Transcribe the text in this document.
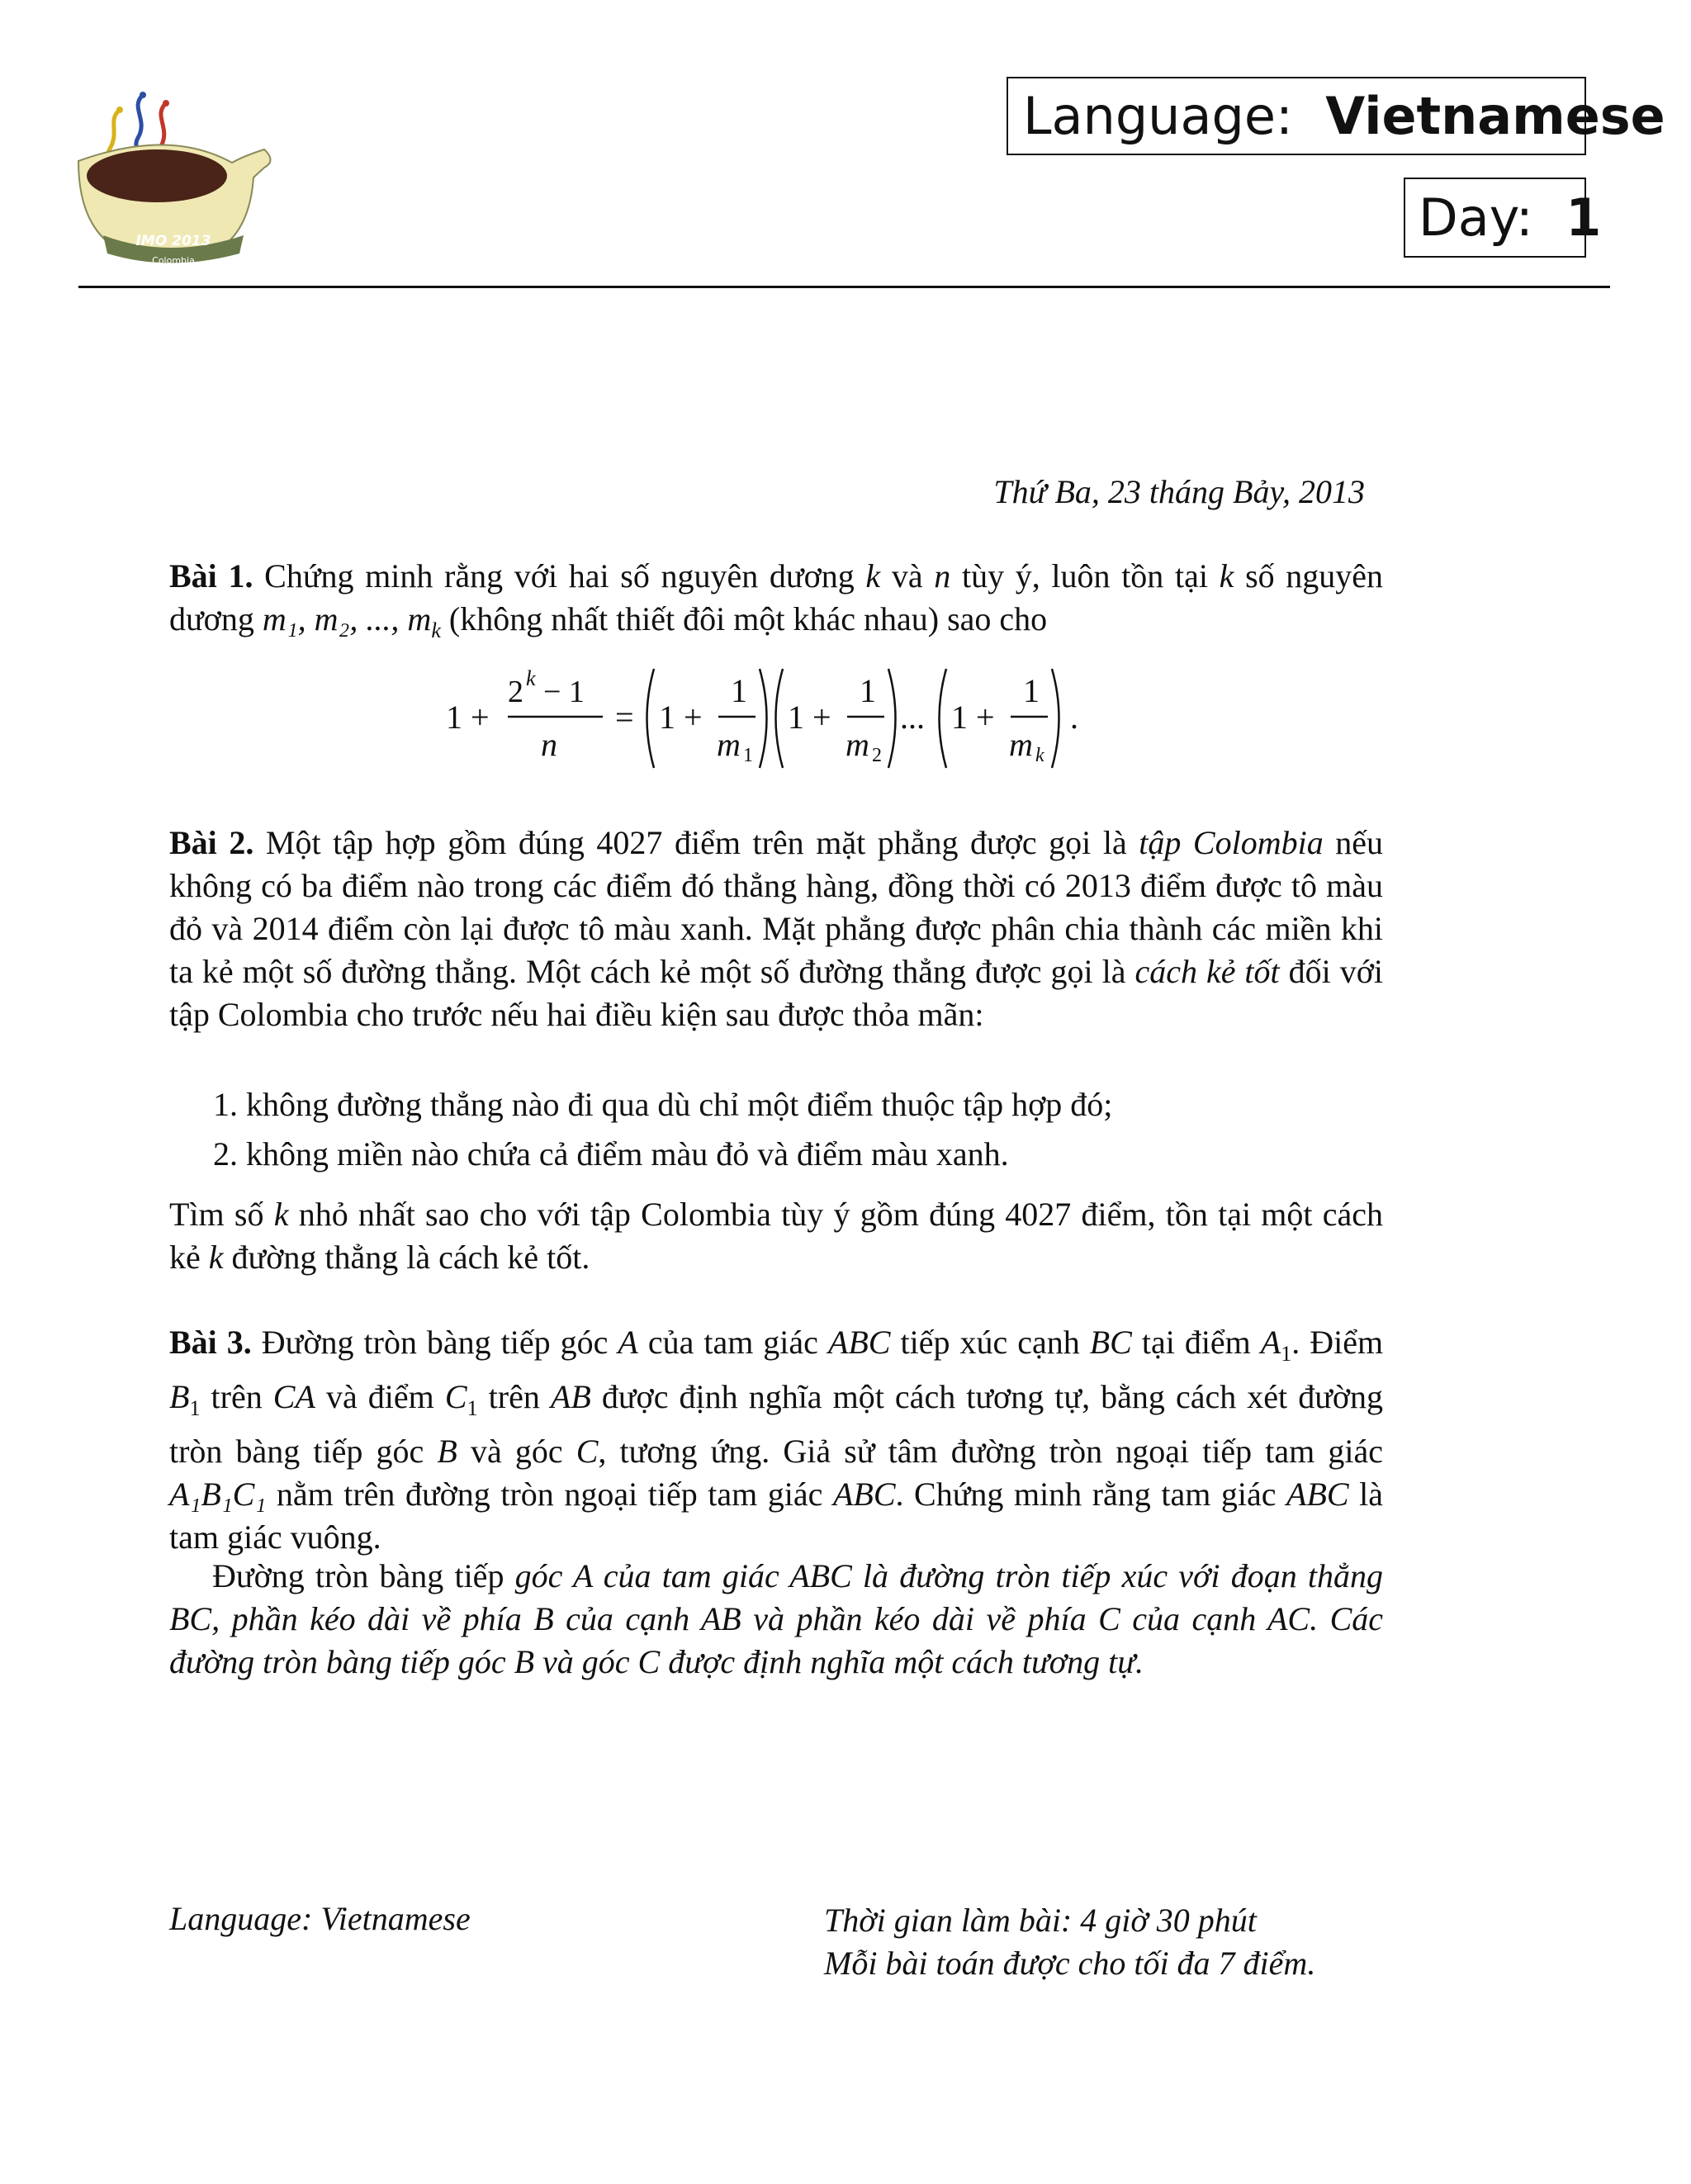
IMO 2013
Colombia
Language:
Vietnamese
Day:
1
Thứ Ba, 23 tháng Bảy, 2013
Bài 1. Chứng minh rằng với hai số nguyên dương k và n tùy ý, luôn tồn tại k số nguyên dương m₁, m₂, ..., $m_k$ (không nhất thiết đôi một khác nhau) sao cho
1 +
2 k − 1
n
= 1 +
1
m 1
1 +
1
m 2
... 1 +
1
m k
.
Bài 2. Một tập hợp gồm đúng 4027 điểm trên mặt phẳng được gọi là tập Colombia nếu không có ba điểm nào trong các điểm đó thẳng hàng, đồng thời có 2013 điểm được tô màu đỏ và 2014 điểm còn lại được tô màu xanh. Mặt phẳng được phân chia thành các miền khi ta kẻ một số đường thẳng. Một cách kẻ một số đường thẳng được gọi là cách kẻ tốt đối với tập Colombia cho trước nếu hai điều kiện sau được thỏa mãn:
1. không đường thẳng nào đi qua dù chỉ một điểm thuộc tập hợp đó;
2. không miền nào chứa cả điểm màu đỏ và điểm màu xanh.
Tìm số k nhỏ nhất sao cho với tập Colombia tùy ý gồm đúng 4027 điểm, tồn tại một cách kẻ k đường thẳng là cách kẻ tốt.
Bài 3. Đường tròn bàng tiếp góc A của tam giác ABC tiếp xúc cạnh BC tại điểm $A_1$. Điểm $B_1$ trên CA và điểm $C_1$ trên AB được định nghĩa một cách tương tự, bằng cách xét đường tròn bàng tiếp góc B và góc C, tương ứng. Giả sử tâm đường tròn ngoại tiếp tam giác A₁B₁C₁ nằm trên đường tròn ngoại tiếp tam giác ABC. Chứng minh rằng tam giác ABC là tam giác vuông.
Đường tròn bàng tiếp góc A của tam giác ABC là đường tròn tiếp xúc với đoạn thẳng BC, phần kéo dài về phía B của cạnh AB và phần kéo dài về phía C của cạnh AC. Các đường tròn bàng tiếp góc B và góc C được định nghĩa một cách tương tự.
Language: Vietnamese	Thời gian làm bài: 4 giờ 30 phút
Mỗi bài toán được cho tối đa 7 điểm.
